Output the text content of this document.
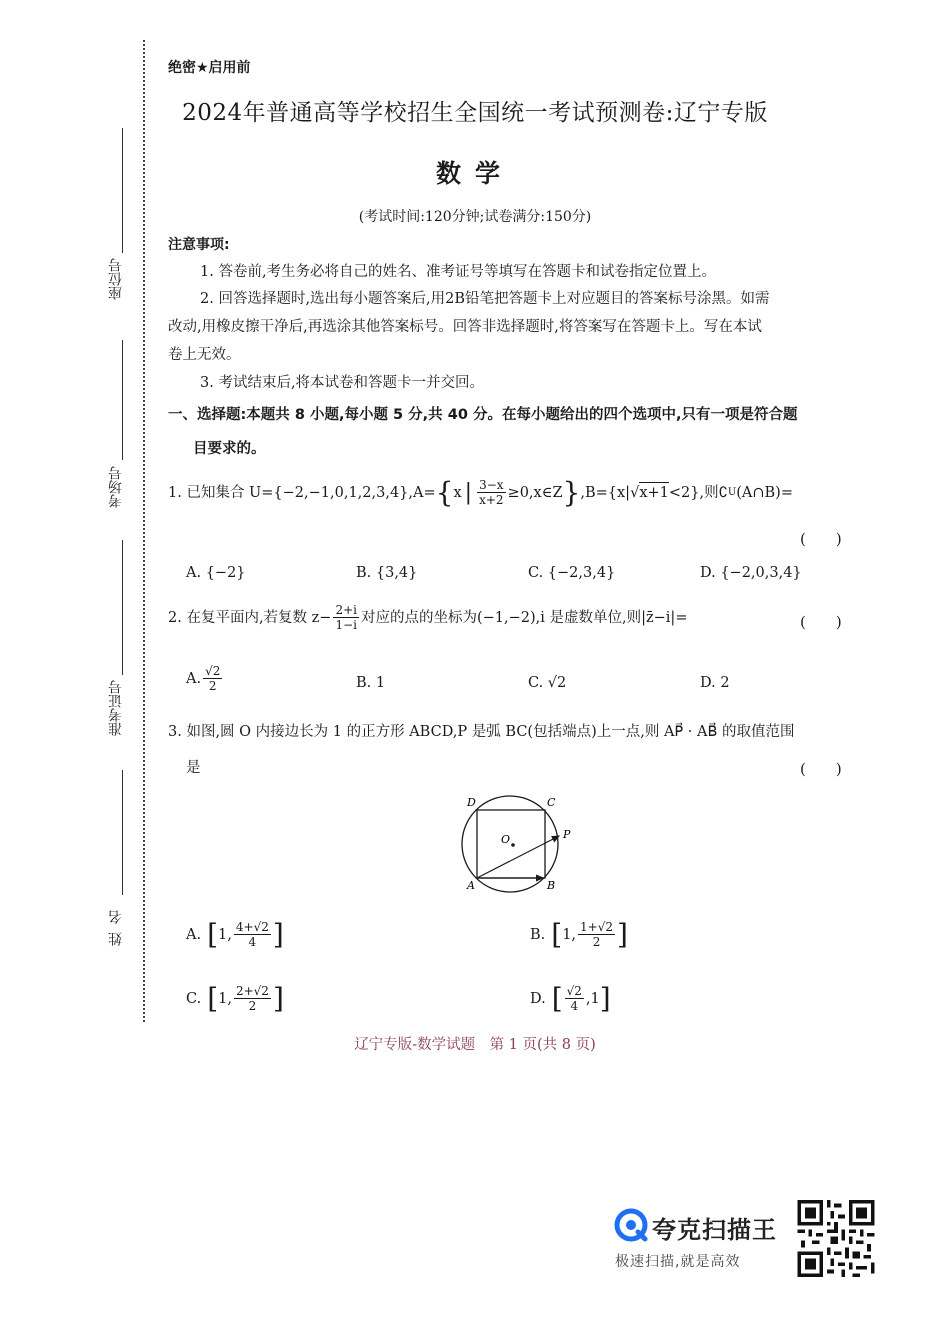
座位号
考场号
准考证号
姓名
绝密★启用前
2024年普通高等学校招生全国统一考试预测卷:辽宁专版
数学
(考试时间:120分钟;试卷满分:150分)
注意事项:
1. 答卷前,考生务必将自己的姓名、准考证号等填写在答题卡和试卷指定位置上。
2. 回答选择题时,选出每小题答案后,用2B铅笔把答题卡上对应题目的答案标号涂黑。如需
改动,用橡皮擦干净后,再选涂其他答案标号。回答非选择题时,将答案写在答题卡上。写在本试
卷上无效。
3. 考试结束后,将本试卷和答题卡一并交回。
一、选择题:本题共 8 小题,每小题 5 分,共 40 分。在每小题给出的四个选项中,只有一项是符合题
目要求的。
1. 已知集合 U={−2,−1,0,1,2,3,4},A= { x | $\frac{3-x}{x+2}$ ≥0,x∈Z } ,B={x| √ x+1 <2},则∁ U (A∩B)=
(　　)
A. {−2}	B. {3,4}	C. {−2,3,4}	D. {−2,0,3,4}
2. 在复平面内,若复数 $z- \frac{2+i}{1-i}$ 对应的点的坐标为(−1,−2),i 是虚数单位,则|z̄−i|=	(　　)
A. $\frac{√2}{2}$	B. 1	C. √2	D. 2
3. 如图,圆 O 内接边长为 1 的正方形 ABCD,P 是弧 BC(包括端点)上一点,则 AP⃗ · AB⃗ 的取值范围
是	(　　)
D	C
O	P
A	B
A. [ 1, $\frac{4+√2}{4}$ ]	B. [ 1, $\frac{1+√2}{2}$ ]
C. [ 1, $\frac{2+√2}{2}$ ]	D. [ $\frac{√2}{4} ,1$ ]
辽宁专版-数学试题　第 1 页(共 8 页)
夸克扫描王
极速扫描,就是高效
